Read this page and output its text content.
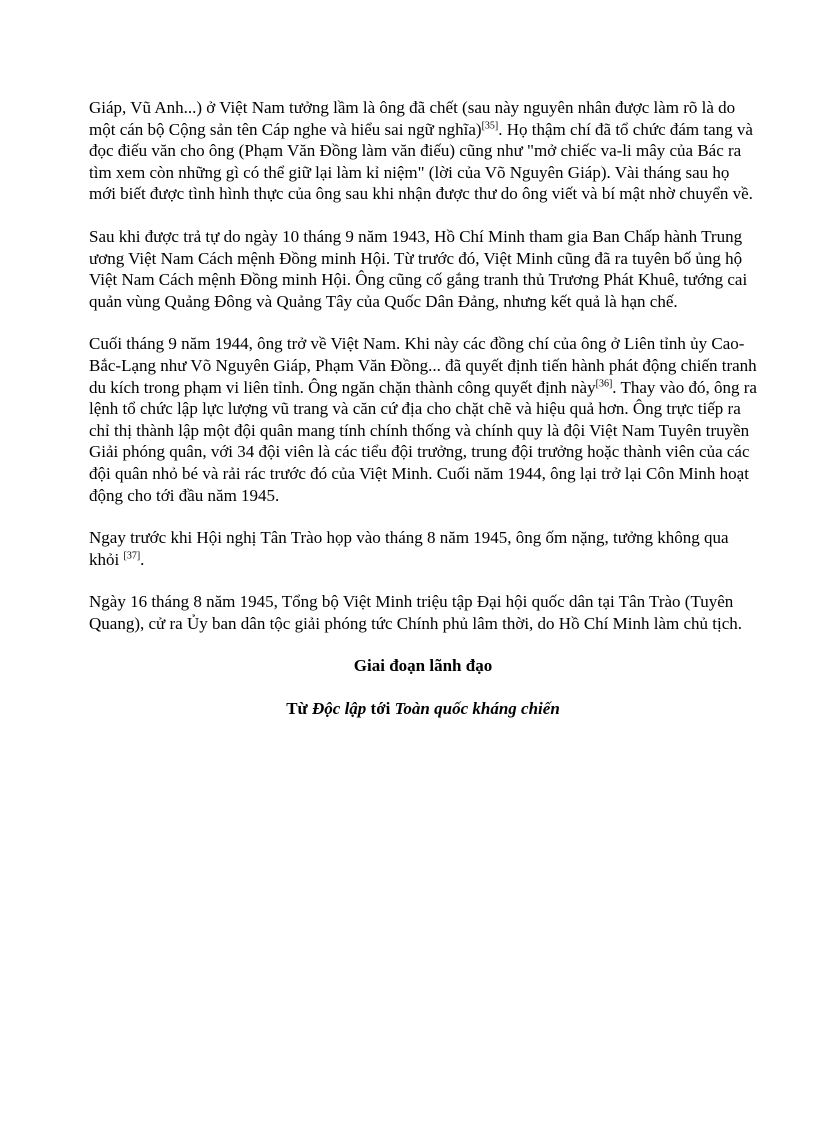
Giáp, Vũ Anh...) ở Việt Nam tưởng lầm là ông đã chết (sau này nguyên nhân được làm rõ là do một cán bộ Cộng sản tên Cáp nghe và hiểu sai ngữ nghĩa)[35]. Họ thậm chí đã tổ chức đám tang và đọc điếu văn cho ông (Phạm Văn Đồng làm văn điếu) cũng như "mở chiếc va-li mây của Bác ra tìm xem còn những gì có thể giữ lại làm kỉ niệm" (lời của Võ Nguyên Giáp). Vài tháng sau họ mới biết được tình hình thực của ông sau khi nhận được thư do ông viết và bí mật nhờ chuyển về.

Sau khi được trả tự do ngày 10 tháng 9 năm 1943, Hồ Chí Minh tham gia Ban Chấp hành Trung ương Việt Nam Cách mệnh Đồng minh Hội. Từ trước đó, Việt Minh cũng đã ra tuyên bố ủng hộ Việt Nam Cách mệnh Đồng minh Hội. Ông cũng cố gắng tranh thủ Trương Phát Khuê, tướng cai quản vùng Quảng Đông và Quảng Tây của Quốc Dân Đảng, nhưng kết quả là hạn chế.

Cuối tháng 9 năm 1944, ông trở về Việt Nam. Khi này các đồng chí của ông ở Liên tỉnh ủy Cao-Bắc-Lạng như Võ Nguyên Giáp, Phạm Văn Đồng... đã quyết định tiến hành phát động chiến tranh du kích trong phạm vi liên tỉnh. Ông ngăn chặn thành công quyết định này[36]. Thay vào đó, ông ra lệnh tổ chức lập lực lượng vũ trang và căn cứ địa cho chặt chẽ và hiệu quả hơn. Ông trực tiếp ra chỉ thị thành lập một đội quân mang tính chính thống và chính quy là đội Việt Nam Tuyên truyền Giải phóng quân, với 34 đội viên là các tiểu đội trưởng, trung đội trưởng hoặc thành viên của các đội quân nhỏ bé và rải rác trước đó của Việt Minh. Cuối năm 1944, ông lại trở lại Côn Minh hoạt động cho tới đầu năm 1945.

Ngay trước khi Hội nghị Tân Trào họp vào tháng 8 năm 1945, ông ốm nặng, tưởng không qua khỏi [37].

Ngày 16 tháng 8 năm 1945, Tổng bộ Việt Minh triệu tập Đại hội quốc dân tại Tân Trào (Tuyên Quang), cử ra Ủy ban dân tộc giải phóng tức Chính phủ lâm thời, do Hồ Chí Minh làm chủ tịch.

Giai đoạn lãnh đạo

Từ Độc lập tới Toàn quốc kháng chiến
